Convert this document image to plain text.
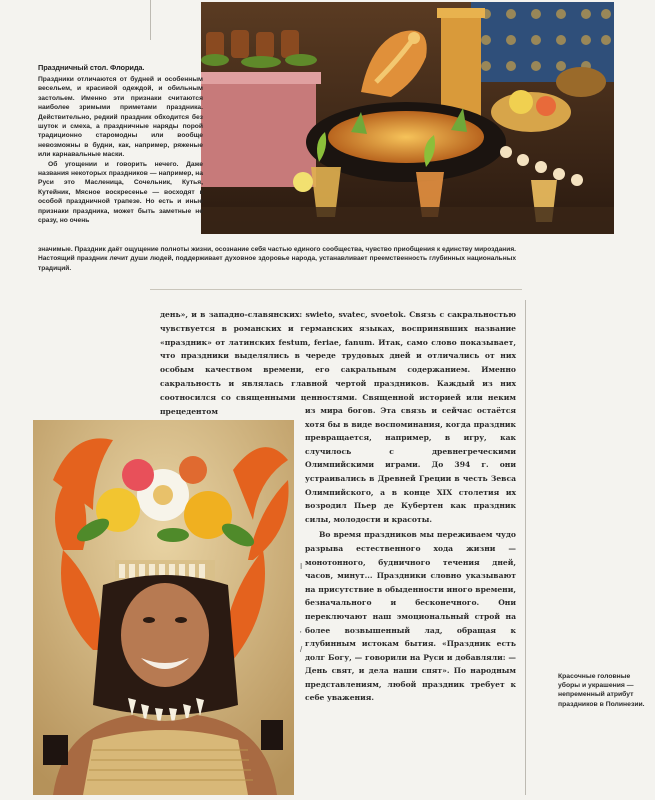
Праздничный стол. Флорида.

Праздники отличаются от будней и особенным весельем, и красивой одеждой, и обильным застольем. Именно эти признаки считаются наиболее зримыми приметами праздника. Действительно, редкий праздник обходится без шуток и смеха, а праздничные наряды порой традиционно старомодны или вообще невозможны в будни, как, например, ряженые или карнавальные маски.

Об угощении и говорить нечего. Даже названия некоторых праздников — например, на Руси это Масленица, Сочельник, Кутья, Кутейник, Мясное воскресенье — восходят к особой праздничной трапезе. Но есть и иные признаки праздника, может быть заметные не сразу, но очень

значимые. Праздник даёт ощущение полноты жизни, осознание себя частью единого сообщества, чувство приобщения к единству мироздания. Настоящий праздник лечит души людей, поддерживает духовное здоровье народа, устанавливает преемственность глубинных национальных традиций.

день», и в западно-славянских: swieto, svatec, svoetok. Связь с сакральностью чувствуется в романских и германских языках, воспринявших название «праздник» от латинских festum, feriae, fanum. Итак, само слово показывает, что праздники выделялись в череде трудовых дней и отличались от них особым качеством времени, его сакральным содержанием. Именно сакральность и являлась главной чертой праздников. Каждый из них соотносился со священными ценностями. Священной историей или неким прецедентом

І
'
/

из мира богов. Эта связь и сейчас остаётся хотя бы в виде воспоминания, когда праздник превращается, например, в игру, как случилось с древнегреческими Олимпийскими играми. До 394 г. они устраивались в Древней Греции в честь Зевса Олимпийского, а в конце XIX столетия их возродил Пьер де Кубертен как праздник силы, молодости и красоты.

Во время праздников мы переживаем чудо разрыва естественного хода жизни — монотонного, будничного течения дней, часов, минут... Праздники словно указывают на присутствие в обыденности иного времени, безначального и бесконечного. Они переключают наш эмоциональный строй на более возвышенный лад, обращая к глубинным истокам бытия. «Праздник есть долг Богу, — говорили на Руси и добавляли: — День свят, и дела наши спят». По народным представлениям, любой праздник требует к себе уважения.

Красочные головные уборы и украшения — непременный атрибут праздников в Полинезии.
